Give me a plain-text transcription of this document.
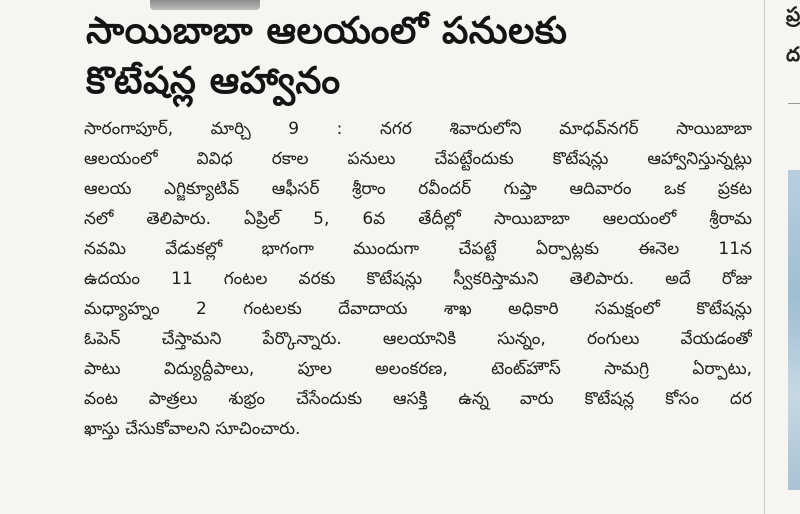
సాయిబాబా ఆలయంలో పనులకు
కొటేషన్ల ఆహ్వానం
సారంగాపూర్, మార్చి 9 : నగర శివారులోని మాధవ్‌నగర్ సాయిబాబా
ఆలయంలో వివిధ రకాల పనులు చేపట్టేందుకు కొటేషన్లు ఆహ్వానిస్తున్నట్లు
ఆలయ ఎగ్జిక్యూటివ్ ఆఫీసర్ శ్రీరాం రవీందర్ గుప్తా ఆదివారం ఒక ప్రకట
నలో తెలిపారు. ఏప్రిల్ 5, 6వ తేదీల్లో సాయిబాబా ఆలయంలో శ్రీరామ
నవమి వేడుకల్లో భాగంగా ముందుగా చేపట్టే ఏర్పాట్లకు ఈనెల 11న
ఉదయం 11 గంటల వరకు కొటేషన్లు స్వీకరిస్తామని తెలిపారు. అదే రోజు
మధ్యాహ్నం 2 గంటలకు దేవాదాయ శాఖ అధికారి సమక్షంలో కొటేషన్లు
ఓపెన్ చేస్తామని పేర్కొన్నారు. ఆలయానికి సున్నం, రంగులు వేయడంతో
పాటు విద్యుద్దీపాలు, పూల అలంకరణ, టెంట్‌హౌస్ సామగ్రి ఏర్పాటు,
వంట పాత్రలు శుభ్రం చేసేందుకు ఆసక్తి ఉన్న వారు కొటేషన్ల కోసం దర
ఖాస్తు చేసుకోవాలని సూచించారు.
ప్ర
ద
